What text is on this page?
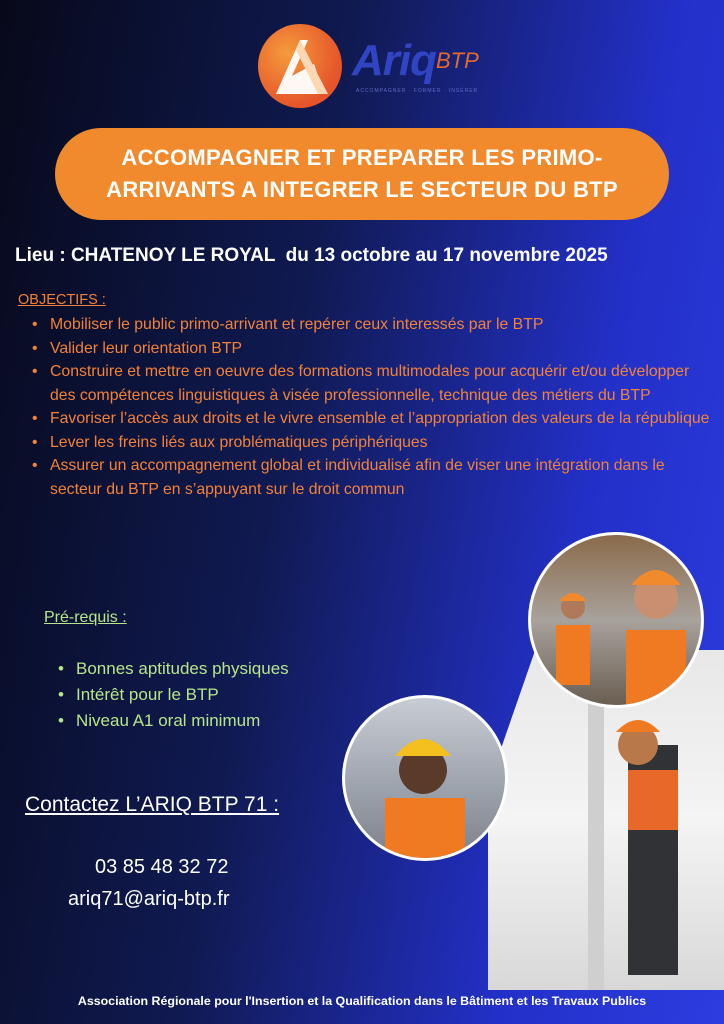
Ariq BTP
ACCOMPAGNER · FORMER · INSÉRER
ACCOMPAGNER ET PREPARER LES PRIMO-
ARRIVANTS A INTEGRER LE SECTEUR DU BTP
Lieu : CHATENOY LE ROYAL  du 13 octobre au 17 novembre 2025
OBJECTIFS :
• Mobiliser le public primo-arrivant et repérer ceux interessés par le BTP
• Valider leur orientation BTP
• Construire et mettre en oeuvre des formations multimodales pour acquérir et/ou développer des compétences linguistiques à visée professionnelle, technique des métiers du BTP
• Favoriser l’accès aux droits et le vivre ensemble et l’appropriation des valeurs de la république
• Lever les freins liés aux problématiques périphériques
• Assurer un accompagnement global et individualisé afin de viser une intégration dans le secteur du BTP en s’appuyant sur le droit commun
Pré-requis :
• Bonnes aptitudes physiques
• Intérêt pour le BTP
• Niveau A1 oral minimum
Contactez L’ARIQ BTP 71 :
03 85 48 32 72
ariq71@ariq-btp.fr
Association Régionale pour l'Insertion et la Qualification dans le Bâtiment et les Travaux Publics
